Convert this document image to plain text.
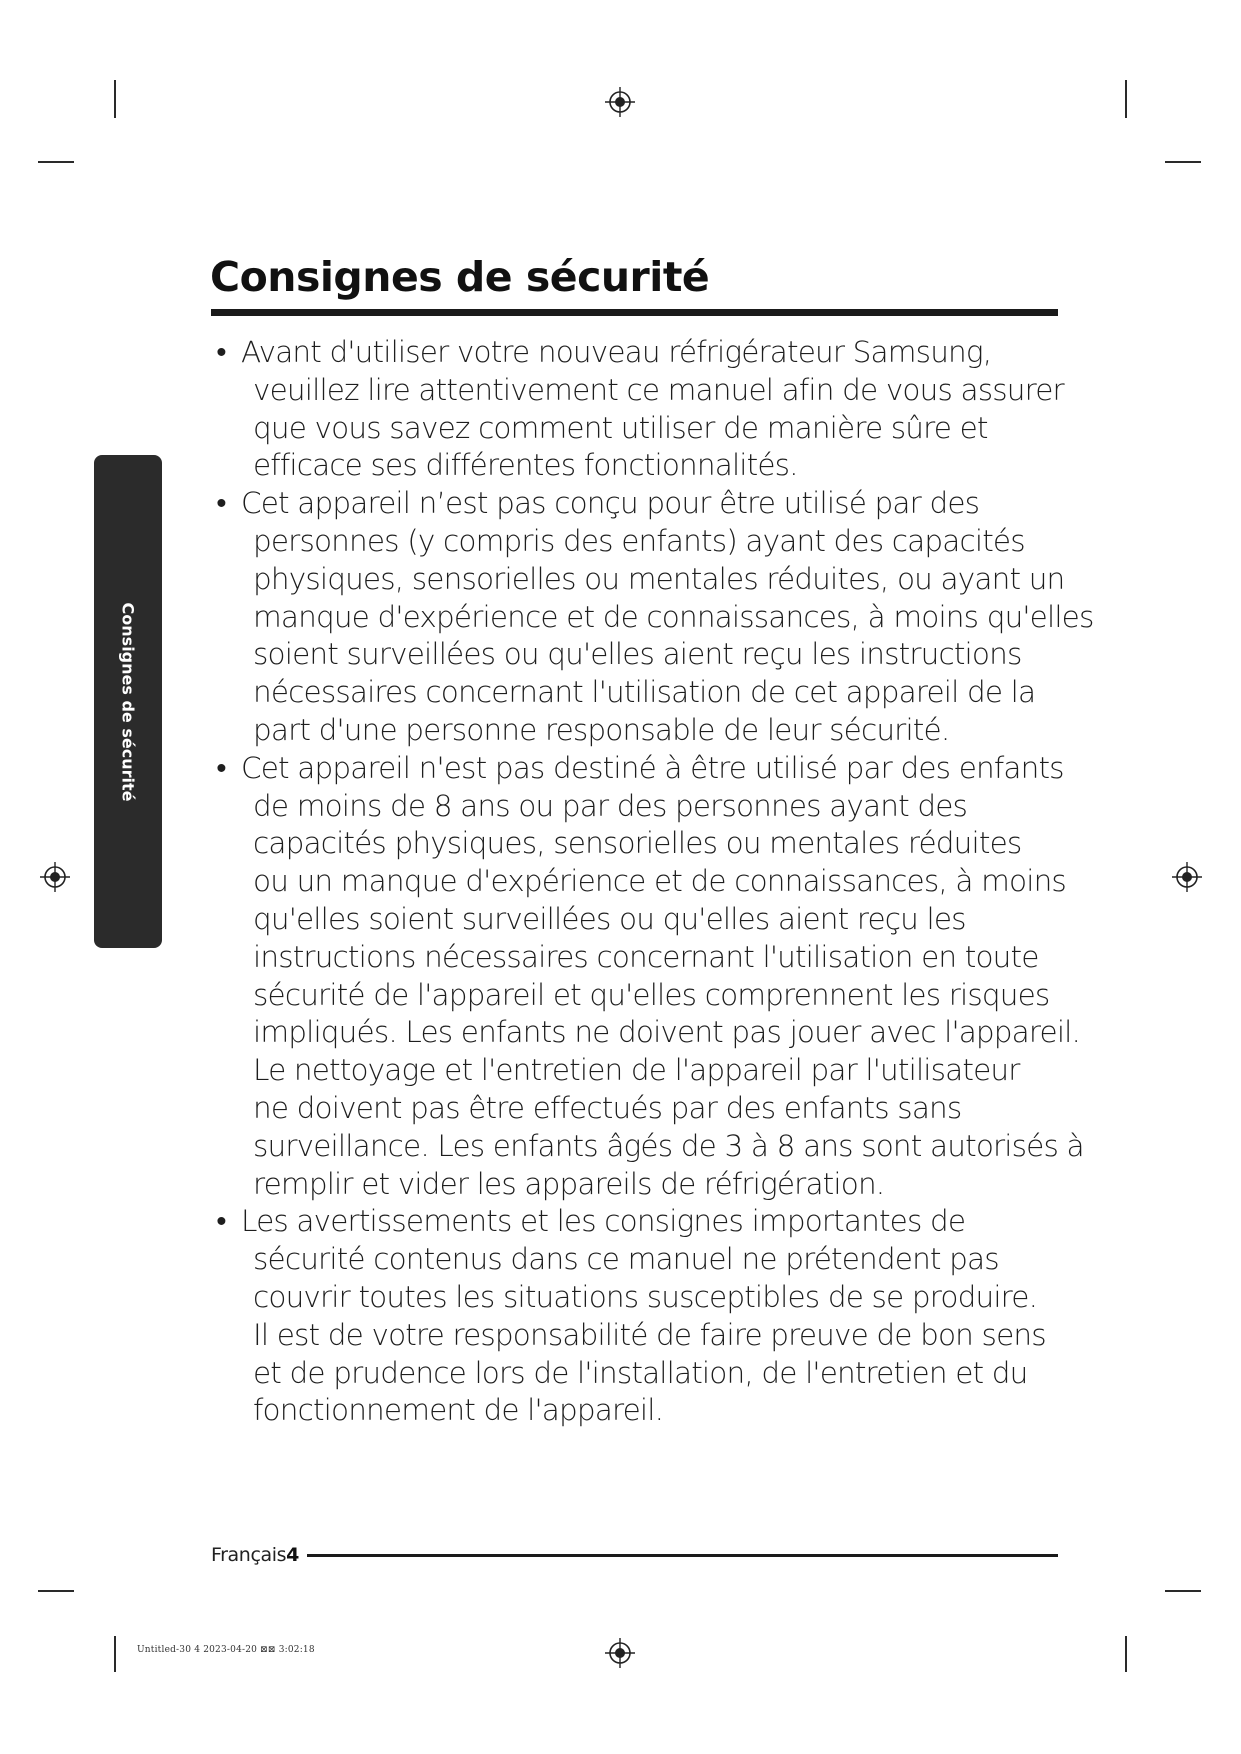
Consignes de sécurité
Consignes de sécurité
• Avant d'utiliser votre nouveau réfrigérateur Samsung,
veuillez lire attentivement ce manuel afin de vous assurer
que vous savez comment utiliser de manière sûre et
efficace ses différentes fonctionnalités.
• Cet appareil n’est pas conçu pour être utilisé par des
personnes (y compris des enfants) ayant des capacités
physiques, sensorielles ou mentales réduites, ou ayant un
manque d'expérience et de connaissances, à moins qu'elles
soient surveillées ou qu'elles aient reçu les instructions
nécessaires concernant l'utilisation de cet appareil de la
part d'une personne responsable de leur sécurité.
• Cet appareil n'est pas destiné à être utilisé par des enfants
de moins de 8 ans ou par des personnes ayant des
capacités physiques, sensorielles ou mentales réduites
ou un manque d'expérience et de connaissances, à moins
qu'elles soient surveillées ou qu'elles aient reçu les
instructions nécessaires concernant l'utilisation en toute
sécurité de l'appareil et qu'elles comprennent les risques
impliqués. Les enfants ne doivent pas jouer avec l'appareil.
Le nettoyage et l'entretien de l'appareil par l'utilisateur
ne doivent pas être effectués par des enfants sans
surveillance. Les enfants âgés de 3 à 8 ans sont autorisés à
remplir et vider les appareils de réfrigération.
• Les avertissements et les consignes importantes de
sécurité contenus dans ce manuel ne prétendent pas
couvrir toutes les situations susceptibles de se produire.
Il est de votre responsabilité de faire preuve de bon sens
et de prudence lors de l'installation, de l'entretien et du
fonctionnement de l'appareil.
Français 4
Untitled-30 4 2023-04-20 ⊠⊠ 3:02:18
